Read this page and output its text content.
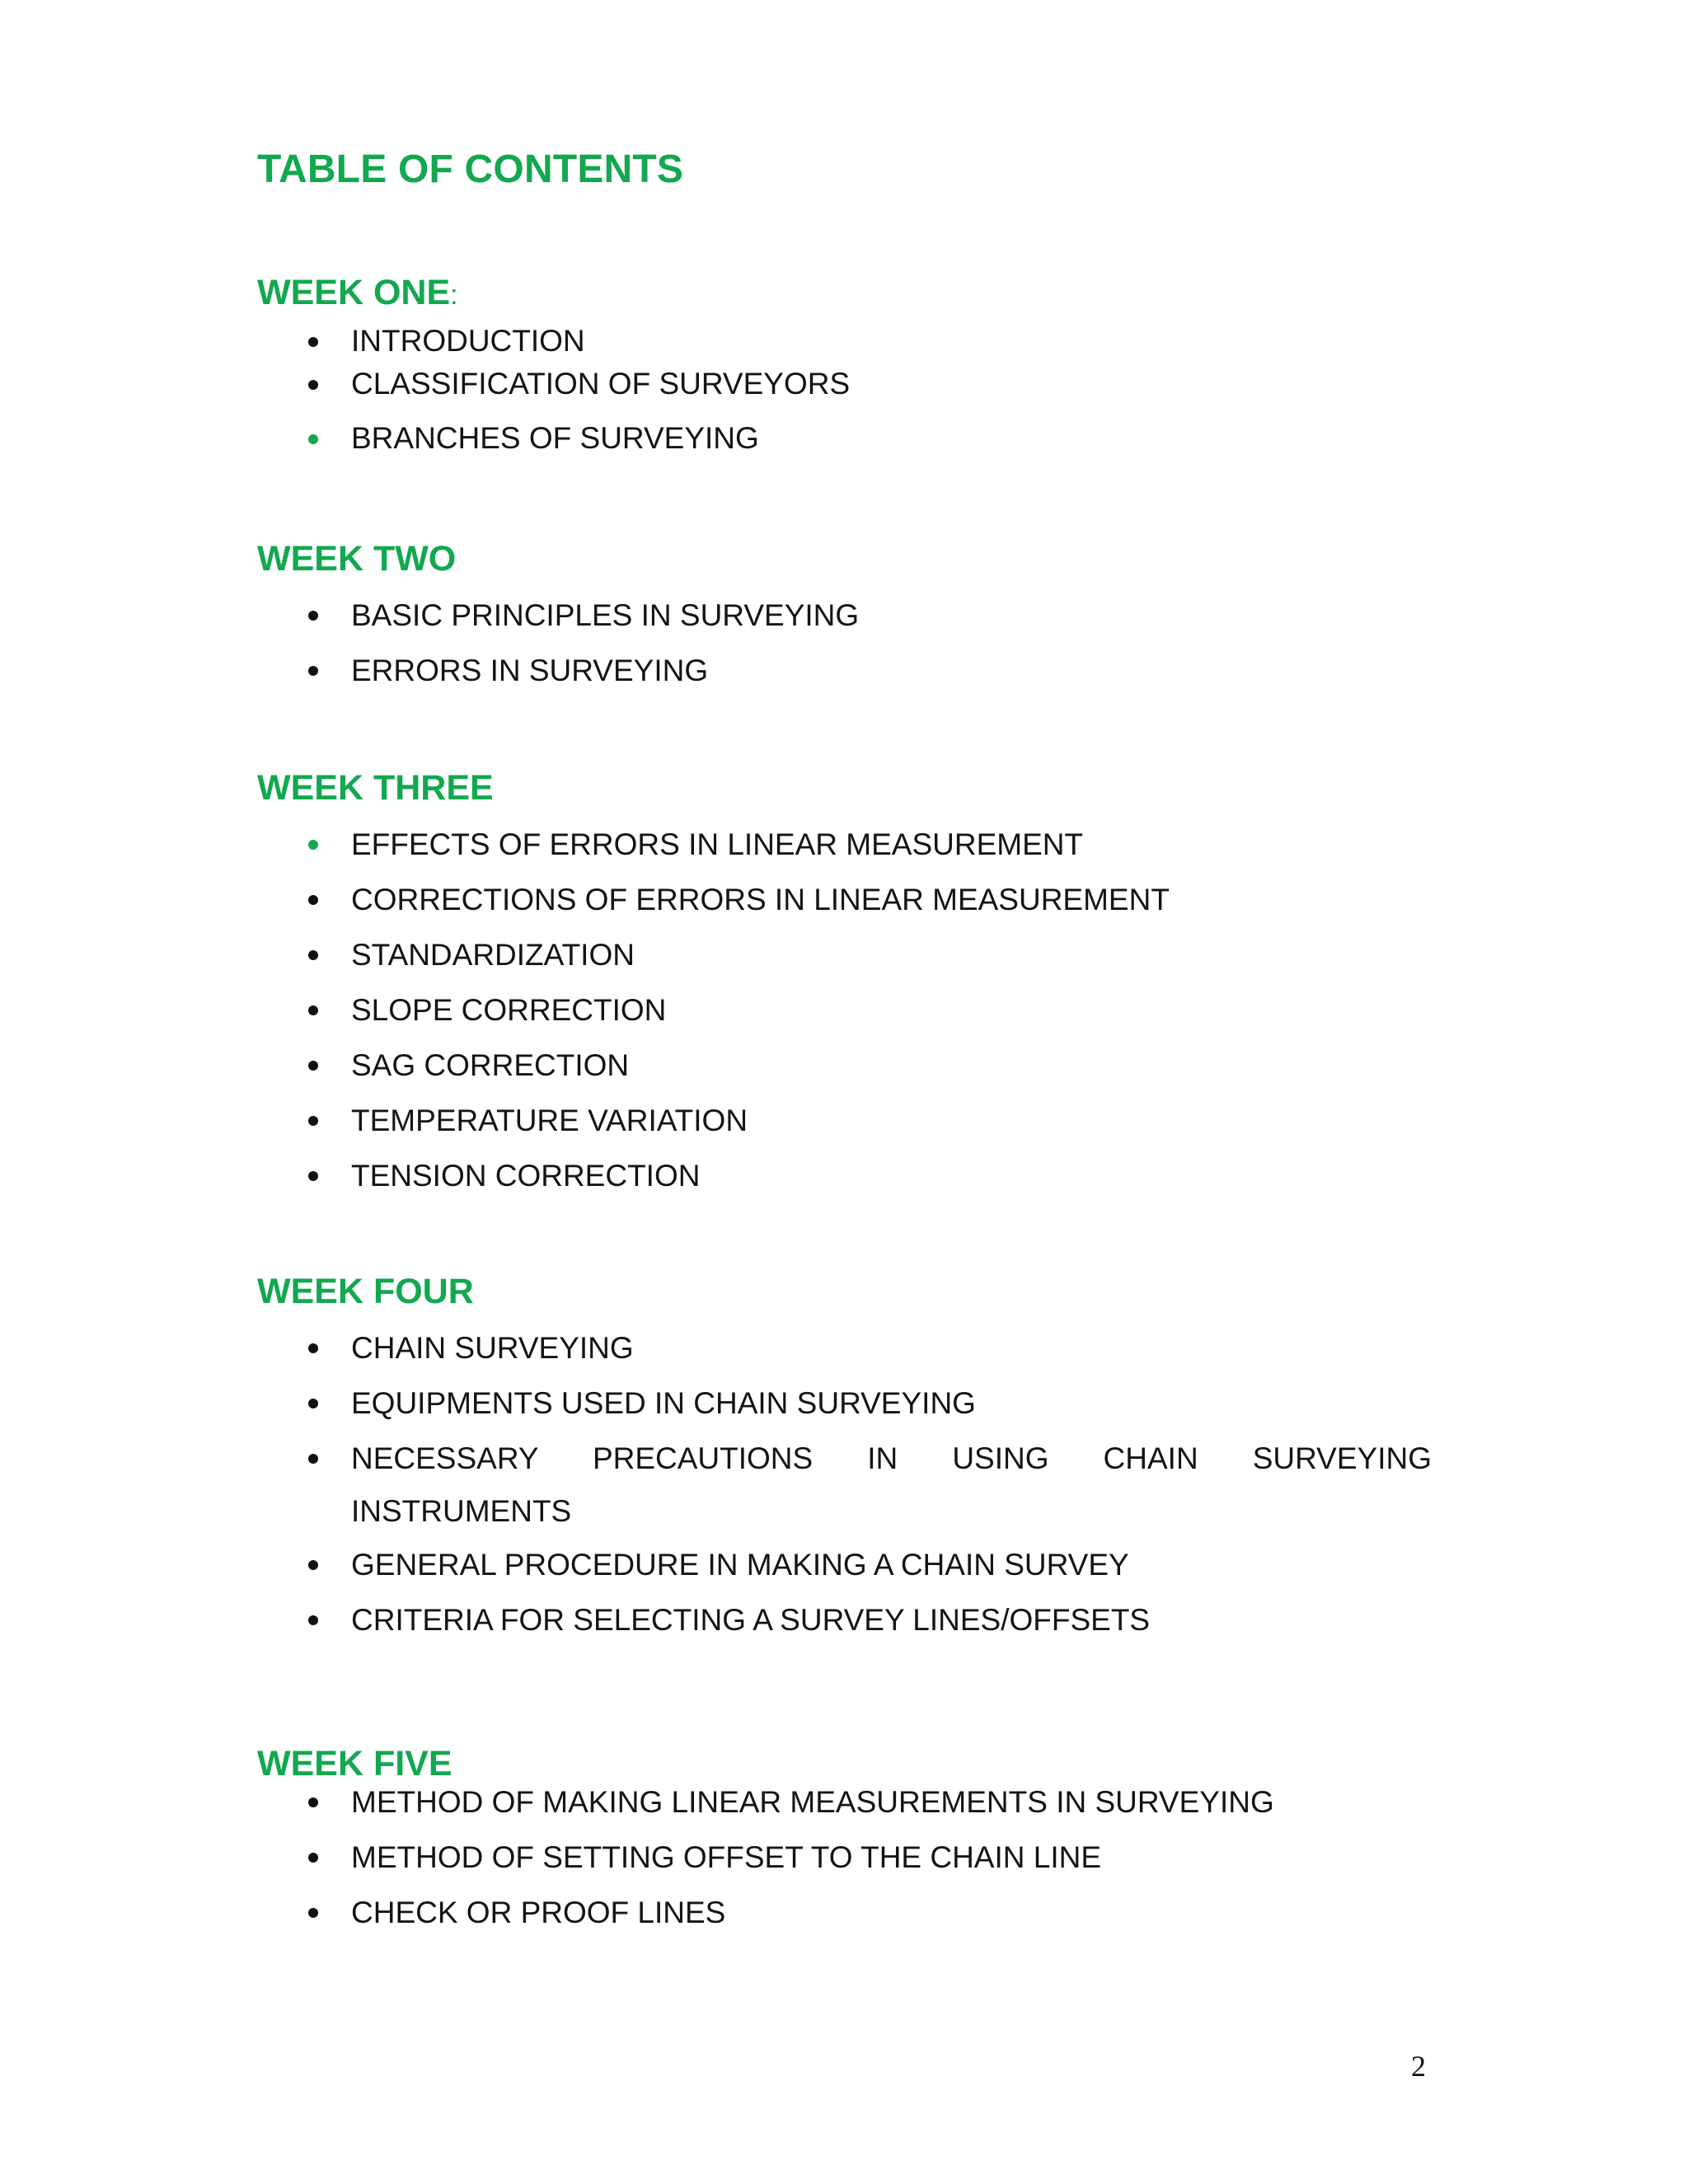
TABLE OF CONTENTS
WEEK ONE:
INTRODUCTION
CLASSIFICATION OF SURVEYORS
BRANCHES OF SURVEYING
WEEK TWO
BASIC PRINCIPLES IN SURVEYING
ERRORS IN SURVEYING
WEEK THREE
EFFECTS OF ERRORS IN LINEAR MEASUREMENT
CORRECTIONS OF ERRORS IN LINEAR MEASUREMENT
STANDARDIZATION
SLOPE CORRECTION
SAG CORRECTION
TEMPERATURE VARIATION
TENSION CORRECTION
WEEK FOUR
CHAIN SURVEYING
EQUIPMENTS USED IN CHAIN SURVEYING
NECESSARY PRECAUTIONS IN USING CHAIN SURVEYING
INSTRUMENTS
GENERAL PROCEDURE IN MAKING A CHAIN SURVEY
CRITERIA FOR SELECTING A SURVEY LINES/OFFSETS
WEEK FIVE
METHOD OF MAKING LINEAR MEASUREMENTS IN SURVEYING
METHOD OF SETTING OFFSET TO THE CHAIN LINE
CHECK OR PROOF LINES
2
